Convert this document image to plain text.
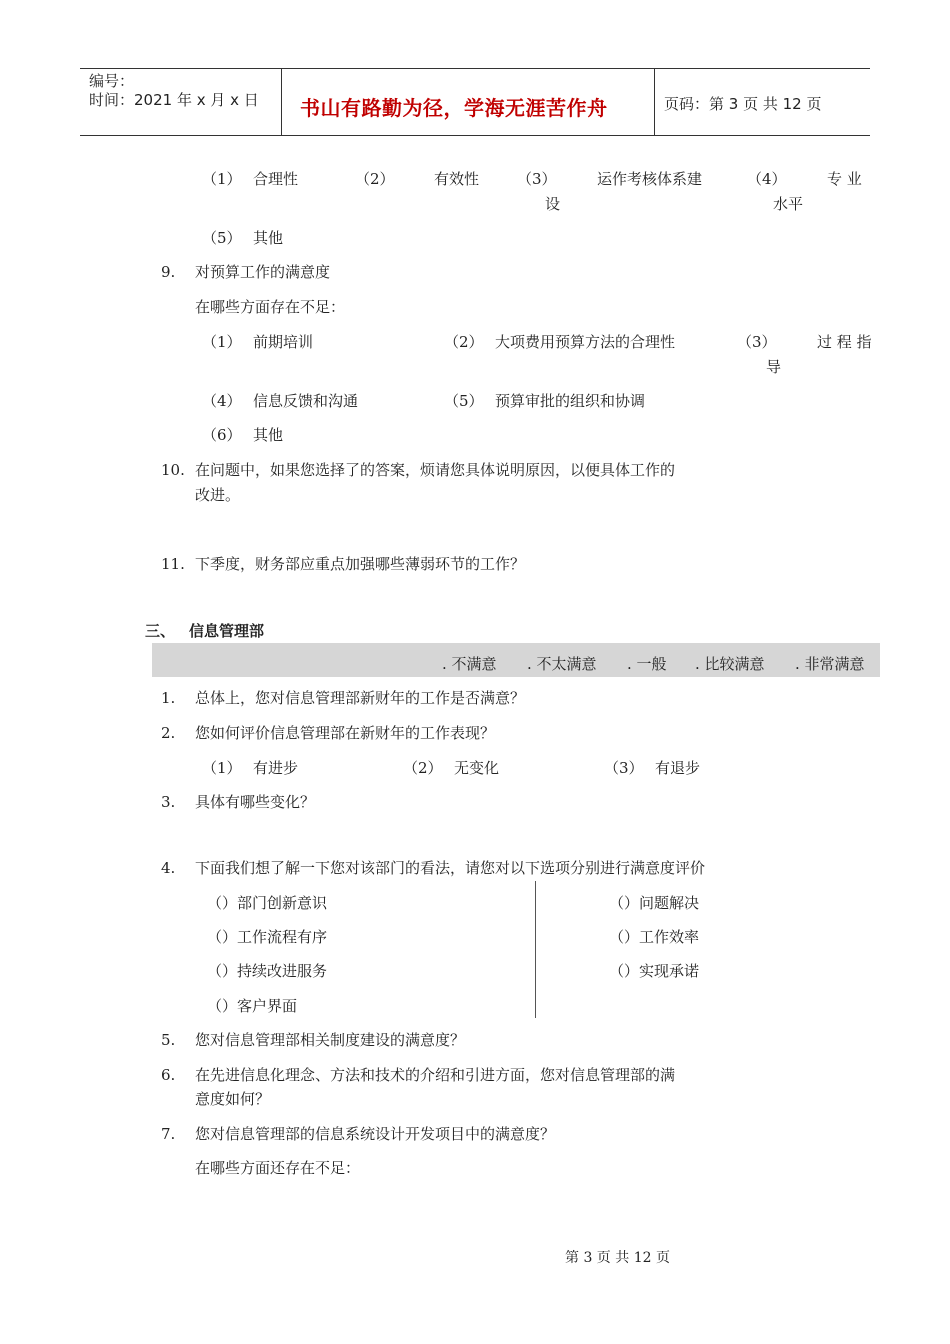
编号：
时间：2021 年 x 月 x 日 书山有路勤为径，学海无涯苦作舟	页码：第 3 页 共 12 页
（1） 合理性	（2）	有效性	（3）	运作考核体系建
设
（4）	专 业
水平
（5） 其他
9. 对预算工作的满意度
在哪些方面存在不足：
（1） 前期培训	（2） 大项费用预算方法的合理性	（3）	过 程 指
导
（4） 信息反馈和沟通	（5） 预算审批的组织和协调
（6） 其他
10. 在问题中，如果您选择了的答案，烦请您具体说明原因，以便具体工作的
改进。
11. 下季度，财务部应重点加强哪些薄弱环节的工作？
三、 信息管理部
. 不满意 . 不太满意 . 一般 . 比较满意 . 非常满意
1. 总体上，您对信息管理部新财年的工作是否满意？
2. 您如何评价信息管理部在新财年的工作表现？
（1） 有进步	（2） 无变化	（3） 有退步
3. 具体有哪些变化？
4. 下面我们想了解一下您对该部门的看法，请您对以下选项分别进行满意度评价
（）部门创新意识
（）工作流程有序
（）持续改进服务
（）客户界面
（）问题解决
（）工作效率
（）实现承诺
5. 您对信息管理部相关制度建设的满意度？
6. 在先进信息化理念、方法和技术的介绍和引进方面，您对信息管理部的满
意度如何？
7. 您对信息管理部的信息系统设计开发项目中的满意度？
在哪些方面还存在不足：
第 3 页 共 12 页
